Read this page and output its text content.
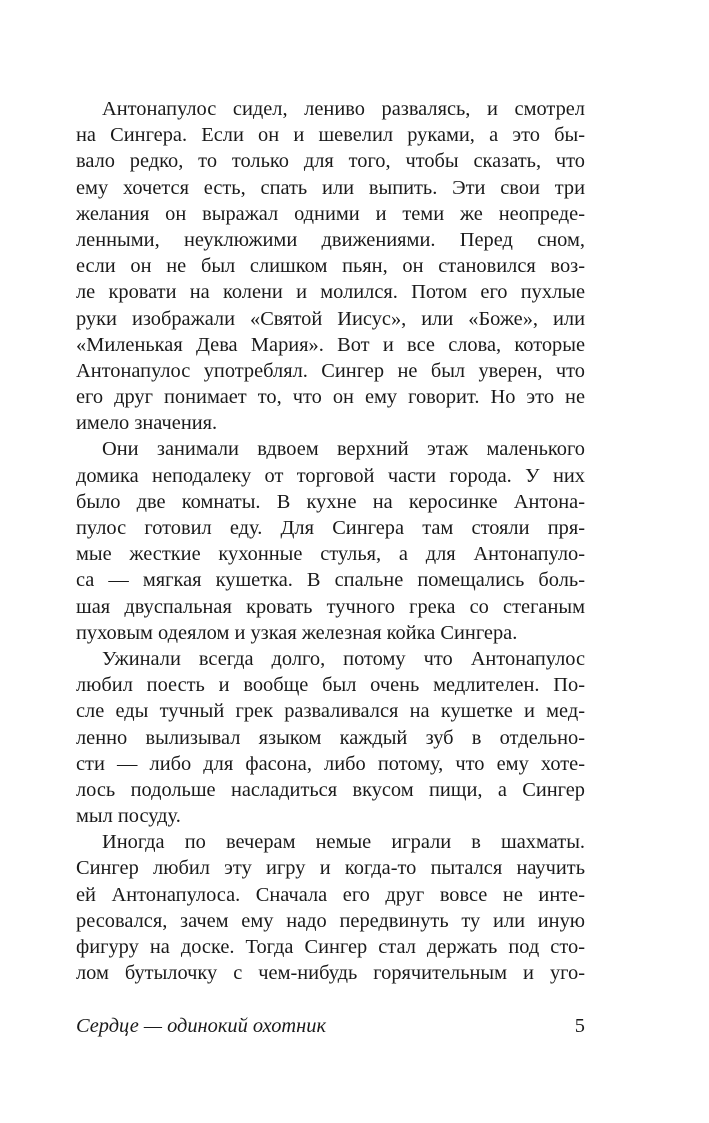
Антонапулос сидел, лениво развалясь, и смотрел
на Сингера. Если он и шевелил руками, а это бы-
вало редко, то только для того, чтобы сказать, что
ему хочется есть, спать или выпить. Эти свои три
желания он выражал одними и теми же неопреде-
ленными, неуклюжими движениями. Перед сном,
если он не был слишком пьян, он становился воз-
ле кровати на колени и молился. Потом его пухлые
руки изображали «Святой Иисус», или «Боже», или
«Миленькая Дева Мария». Вот и все слова, которые
Антонапулос употреблял. Сингер не был уверен, что
его друг понимает то, что он ему говорит. Но это не
имело значения.

Они занимали вдвоем верхний этаж маленького
домика неподалеку от торговой части города. У них
было две комнаты. В кухне на керосинке Антона-
пулос готовил еду. Для Сингера там стояли пря-
мые жесткие кухонные стулья, а для Антонапуло-
са — мягкая кушетка. В спальне помещались боль-
шая двуспальная кровать тучного грека со стеганым
пуховым одеялом и узкая железная койка Сингера.

Ужинали всегда долго, потому что Антонапулос
любил поесть и вообще был очень медлителен. По-
сле еды тучный грек разваливался на кушетке и мед-
ленно вылизывал языком каждый зуб в отдельно-
сти — либо для фасона, либо потому, что ему хоте-
лось подольше насладиться вкусом пищи, а Сингер
мыл посуду.

Иногда по вечерам немые играли в шахматы.
Сингер любил эту игру и когда-то пытался научить
ей Антонапулоса. Сначала его друг вовсе не инте-
ресовался, зачем ему надо передвинуть ту или иную
фигуру на доске. Тогда Сингер стал держать под сто-
лом бутылочку с чем-нибудь горячительным и уго-

Сердце — одинокий охотник	5
